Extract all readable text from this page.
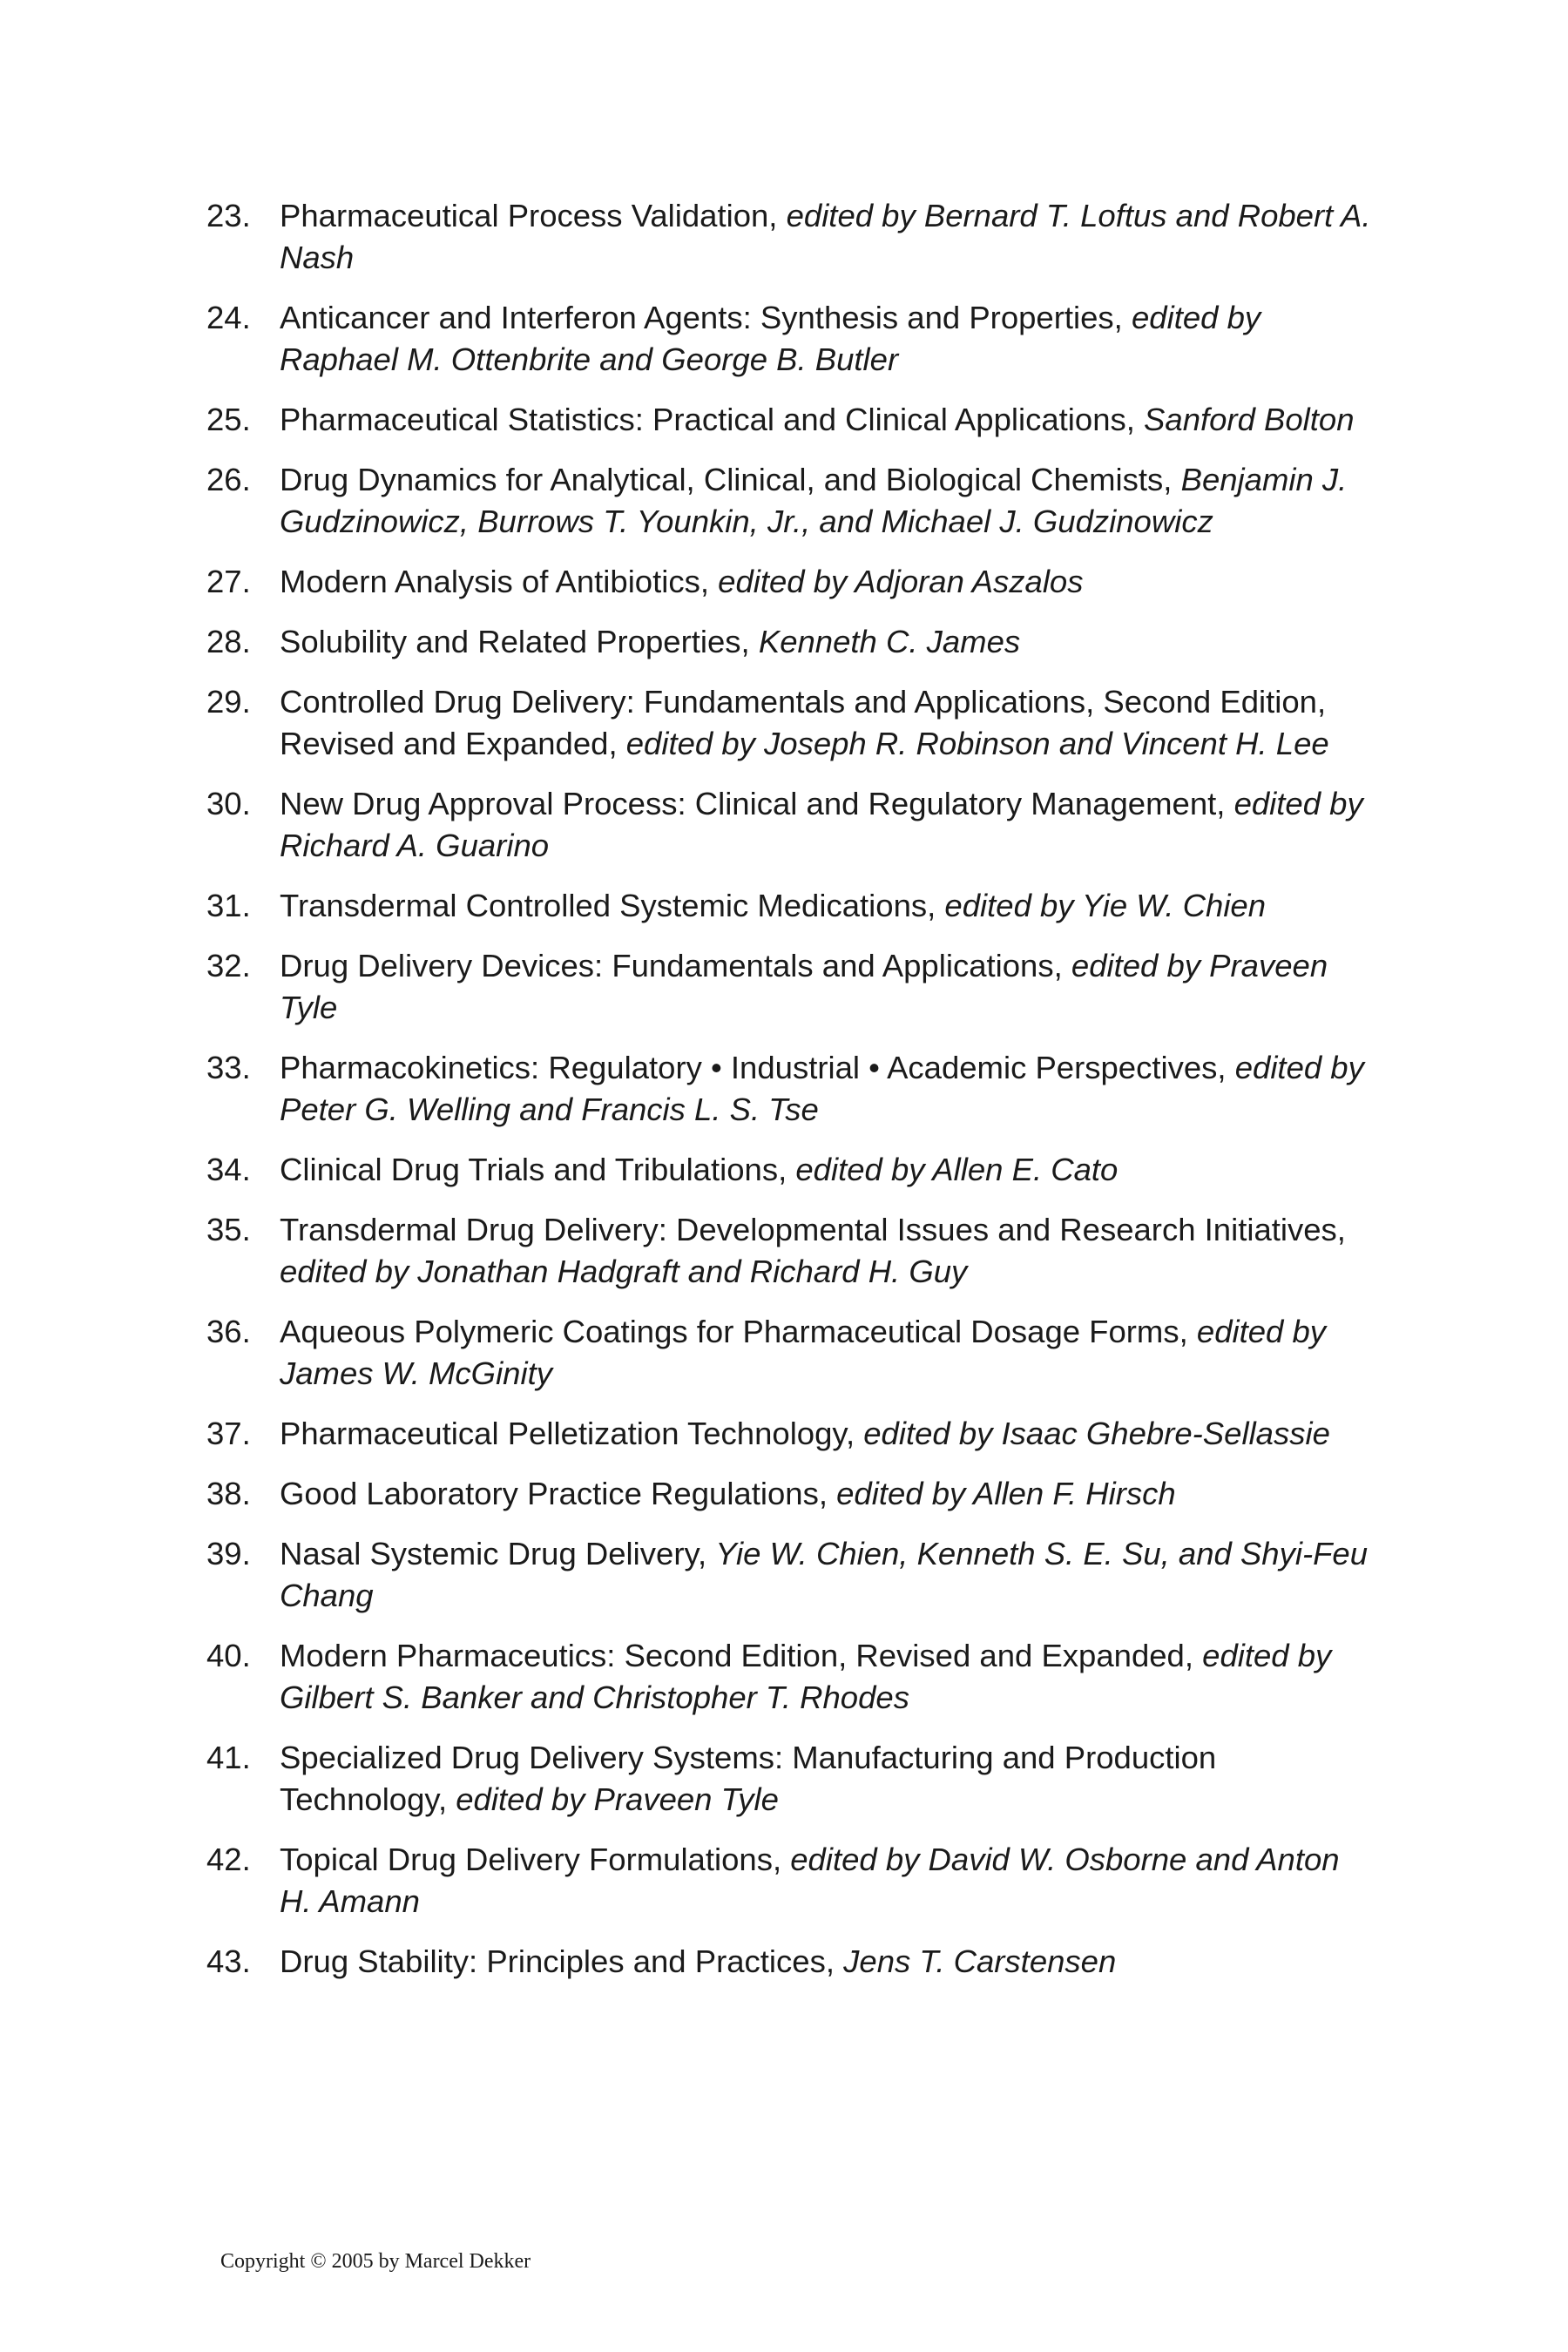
23. Pharmaceutical Process Validation, edited by Bernard T. Loftus and Robert A. Nash
24. Anticancer and Interferon Agents: Synthesis and Properties, edited by Raphael M. Ottenbrite and George B. Butler
25. Pharmaceutical Statistics: Practical and Clinical Applications, Sanford Bolton
26. Drug Dynamics for Analytical, Clinical, and Biological Chemists, Benjamin J. Gudzinowicz, Burrows T. Younkin, Jr., and Michael J. Gudzinowicz
27. Modern Analysis of Antibiotics, edited by Adjoran Aszalos
28. Solubility and Related Properties, Kenneth C. James
29. Controlled Drug Delivery: Fundamentals and Applications, Second Edition, Revised and Expanded, edited by Joseph R. Robinson and Vincent H. Lee
30. New Drug Approval Process: Clinical and Regulatory Management, edited by Richard A. Guarino
31. Transdermal Controlled Systemic Medications, edited by Yie W. Chien
32. Drug Delivery Devices: Fundamentals and Applications, edited by Praveen Tyle
33. Pharmacokinetics: Regulatory • Industrial • Academic Perspectives, edited by Peter G. Welling and Francis L. S. Tse
34. Clinical Drug Trials and Tribulations, edited by Allen E. Cato
35. Transdermal Drug Delivery: Developmental Issues and Research Initiatives, edited by Jonathan Hadgraft and Richard H. Guy
36. Aqueous Polymeric Coatings for Pharmaceutical Dosage Forms, edited by James W. McGinity
37. Pharmaceutical Pelletization Technology, edited by Isaac Ghebre-Sellassie
38. Good Laboratory Practice Regulations, edited by Allen F. Hirsch
39. Nasal Systemic Drug Delivery, Yie W. Chien, Kenneth S. E. Su, and Shyi-Feu Chang
40. Modern Pharmaceutics: Second Edition, Revised and Expanded, edited by Gilbert S. Banker and Christopher T. Rhodes
41. Specialized Drug Delivery Systems: Manufacturing and Production Technology, edited by Praveen Tyle
42. Topical Drug Delivery Formulations, edited by David W. Osborne and Anton H. Amann
43. Drug Stability: Principles and Practices, Jens T. Carstensen
Copyright © 2005 by Marcel Dekker
